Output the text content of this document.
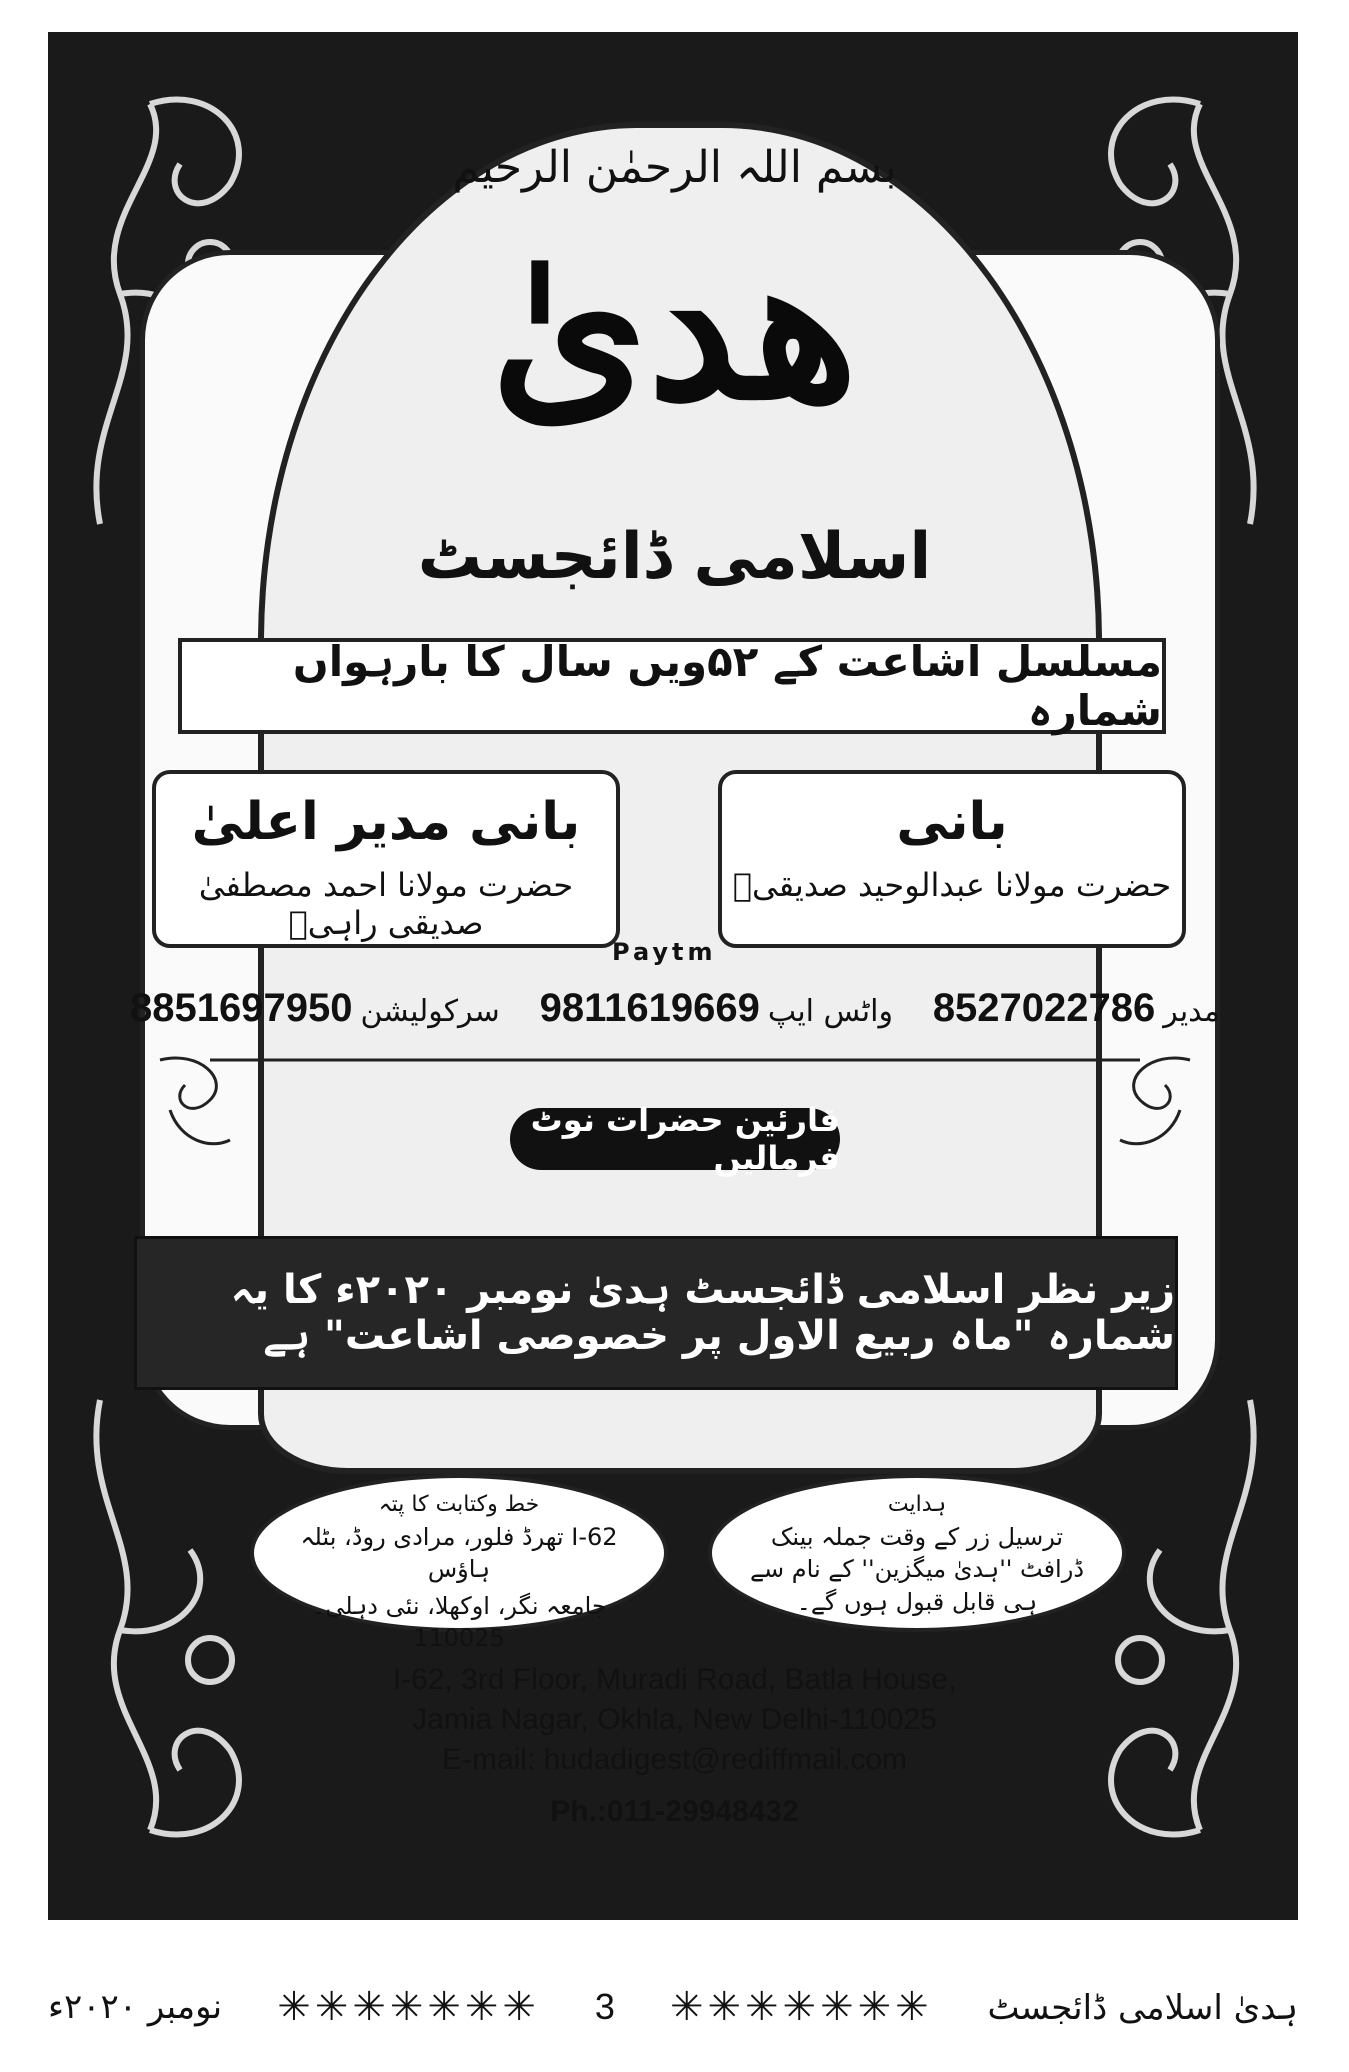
بسم اللہ الرحمٰن الرحیم
هدیٰ
اسلامی ڈائجسٹ
مسلسل اشاعت کے ۵۲ویں سال کا بارہواں شمارہ
بانی
حضرت مولانا عبدالوحید صدیقیؒ
بانی مدیر اعلیٰ
حضرت مولانا احمد مصطفیٰ صدیقی راہیؒ
Paytm
مدیر
8527022786
واٹس ایپ
9811619669
سرکولیشن
8851697950
قارئین حضرات نوٹ فرمالیں
زیر نظر اسلامی ڈائجسٹ ہدیٰ نومبر ۲۰۲۰ء کا یہ شمارہ "ماہ ربیع الاول پر خصوصی اشاعت" ہے
ہدایت
ترسیل زر کے وقت جملہ بینک ڈرافٹ ''ہدیٰ میگزین'' کے نام سے ہی قابل قبول ہوں گے۔
خط وکتابت کا پتہ
I-62 تھرڈ فلور، مرادی روڈ، بٹلہ ہاؤس
جامعہ نگر، اوکھلا، نئی دہلی۔ 110025
I-62, 3rd Floor, Muradi Road, Batla House,
Jamia Nagar, Okhla, New Delhi-110025
E-mail: hudadigest@rediffmail.com
Ph.:011-29948432
ہدیٰ اسلامی ڈائجسٹ
✳✳✳✳✳✳✳
3
✳✳✳✳✳✳✳
نومبر ۲۰۲۰ء
